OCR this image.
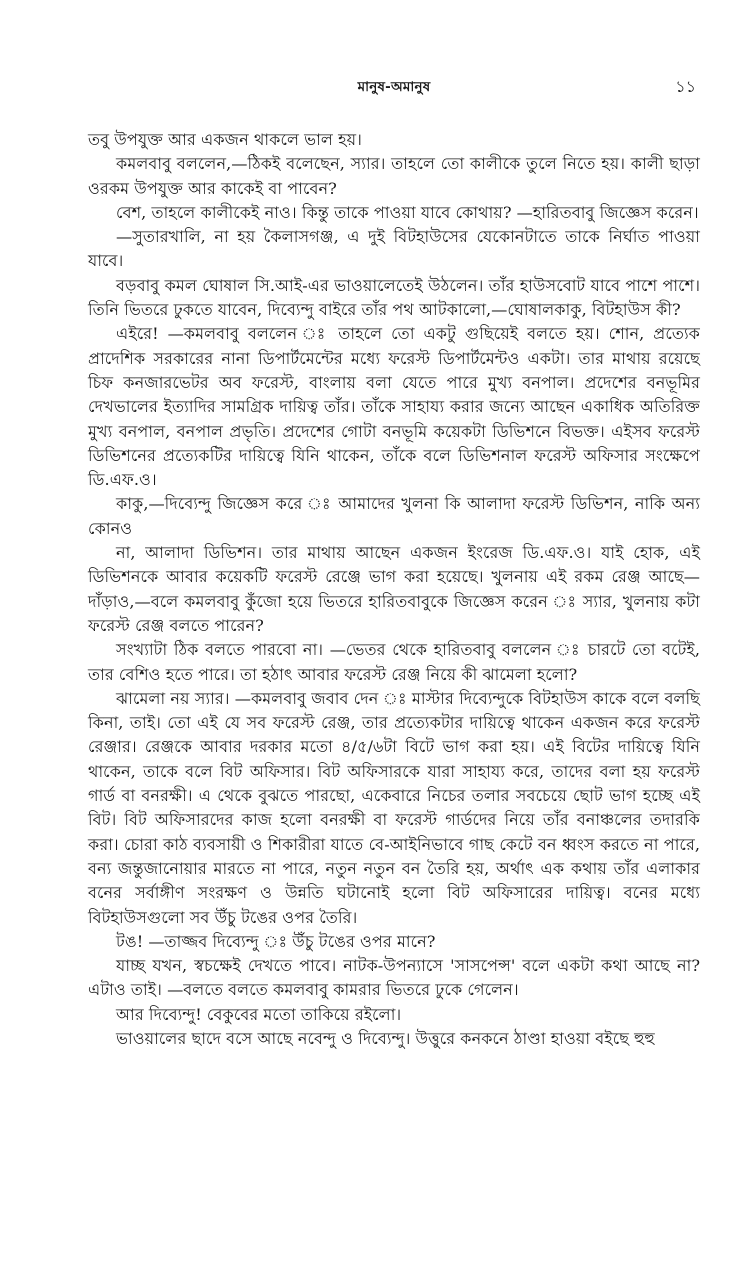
মানুষ-অমানুষ	১১

তবু উপযুক্ত আর একজন থাকলে ভাল হয়।

কমলবাবু বললেন,—ঠিকই বলেছেন, স্যার। তাহলে তো কালীকে তুলে নিতে হয়। কালী ছাড়া ওরকম উপযুক্ত আর কাকেই বা পাবেন?

বেশ, তাহলে কালীকেই নাও। কিন্তু তাকে পাওয়া যাবে কোথায়? —হারিতবাবু জিজ্ঞেস করেন।

—সুতারখালি, না হয় কৈলাসগঞ্জ, এ দুই বিটহাউসের যেকোনটাতে তাকে নির্ঘাত পাওয়া যাবে।

বড়বাবু কমল ঘোষাল সি.আই-এর ভাওয়ালেতেই উঠলেন। তাঁর হাউসবোট যাবে পাশে পাশে। তিনি ভিতরে ঢুকতে যাবেন, দিব্যেন্দু বাইরে তাঁর পথ আটকালো,—ঘোষালকাকু, বিটহাউস কী?

এইরে! —কমলবাবু বললেন ঃ তাহলে তো একটু গুছিয়েই বলতে হয়। শোন, প্রত্যেক প্রাদেশিক সরকারের নানা ডিপার্টমেন্টের মধ্যে ফরেস্ট ডিপার্টমেন্টও একটা। তার মাথায় রয়েছে চিফ কনজারভেটর অব ফরেস্ট, বাংলায় বলা যেতে পারে মুখ্য বনপাল। প্রদেশের বনভূমির দেখভালের ইত্যাদির সামগ্রিক দায়িত্ব তাঁর। তাঁকে সাহায্য করার জন্যে আছেন একাধিক অতিরিক্ত মুখ্য বনপাল, বনপাল প্রভৃতি। প্রদেশের গোটা বনভূমি কয়েকটা ডিভিশনে বিভক্ত। এইসব ফরেস্ট ডিভিশনের প্রত্যেকটির দায়িত্বে যিনি থাকেন, তাঁকে বলে ডিভিশনাল ফরেস্ট অফিসার সংক্ষেপে ডি.এফ.ও।

কাকু,—দিব্যেন্দু জিজ্ঞেস করে ঃ আমাদের খুলনা কি আলাদা ফরেস্ট ডিভিশন, নাকি অন্য কোনও

না, আলাদা ডিভিশন। তার মাথায় আছেন একজন ইংরেজ ডি.এফ.ও। যাই হোক, এই ডিভিশনকে আবার কয়েকটি ফরেস্ট রেঞ্জে ভাগ করা হয়েছে। খুলনায় এই রকম রেঞ্জ আছে—দাঁড়াও,—বলে কমলবাবু কুঁজো হয়ে ভিতরে হারিতবাবুকে জিজ্ঞেস করেন ঃ স্যার, খুলনায় কটা ফরেস্ট রেঞ্জ বলতে পারেন?

সংখ্যাটা ঠিক বলতে পারবো না। —ভেতর থেকে হারিতবাবু বললেন ঃ চারটে তো বটেই, তার বেশিও হতে পারে। তা হঠাৎ আবার ফরেস্ট রেঞ্জ নিয়ে কী ঝামেলা হলো?

ঝামেলা নয় স্যার। —কমলবাবু জবাব দেন ঃ মাস্টার দিব্যেন্দুকে বিটহাউস কাকে বলে বলছি কিনা, তাই। তো এই যে সব ফরেস্ট রেঞ্জ, তার প্রত্যেকটার দায়িত্বে থাকেন একজন করে ফরেস্ট রেঞ্জার। রেঞ্জকে আবার দরকার মতো ৪/৫/৬টা বিটে ভাগ করা হয়। এই বিটের দায়িত্বে যিনি থাকেন, তাকে বলে বিট অফিসার। বিট অফিসারকে যারা সাহায্য করে, তাদের বলা হয় ফরেস্ট গার্ড বা বনরক্ষী। এ থেকে বুঝতে পারছো, একেবারে নিচের তলার সবচেয়ে ছোট ভাগ হচ্ছে এই বিট। বিট অফিসারদের কাজ হলো বনরক্ষী বা ফরেস্ট গার্ডদের নিয়ে তাঁর বনাঞ্চলের তদারকি করা। চোরা কাঠ ব্যবসায়ী ও শিকারীরা যাতে বে-আইনিভাবে গাছ কেটে বন ধ্বংস করতে না পারে, বন্য জন্তুজানোয়ার মারতে না পারে, নতুন নতুন বন তৈরি হয়, অর্থাৎ এক কথায় তাঁর এলাকার বনের সর্বাঙ্গীণ সংরক্ষণ ও উন্নতি ঘটানোই হলো বিট অফিসারের দায়িত্ব। বনের মধ্যে বিটহাউসগুলো সব উঁচু টঙের ওপর তৈরি।

টঙ! —তাজ্জব দিব্যেন্দু ঃ উঁচু টঙের ওপর মানে?

যাচ্ছ যখন, স্বচক্ষেই দেখতে পাবে। নাটক-উপন্যাসে 'সাসপেন্স' বলে একটা কথা আছে না? এটাও তাই। —বলতে বলতে কমলবাবু কামরার ভিতরে ঢুকে গেলেন।

আর দিব্যেন্দু! বেকুবের মতো তাকিয়ে রইলো।

ভাওয়ালের ছাদে বসে আছে নবেন্দু ও দিব্যেন্দু। উত্তুরে কনকনে ঠাণ্ডা হাওয়া বইছে হুহু
